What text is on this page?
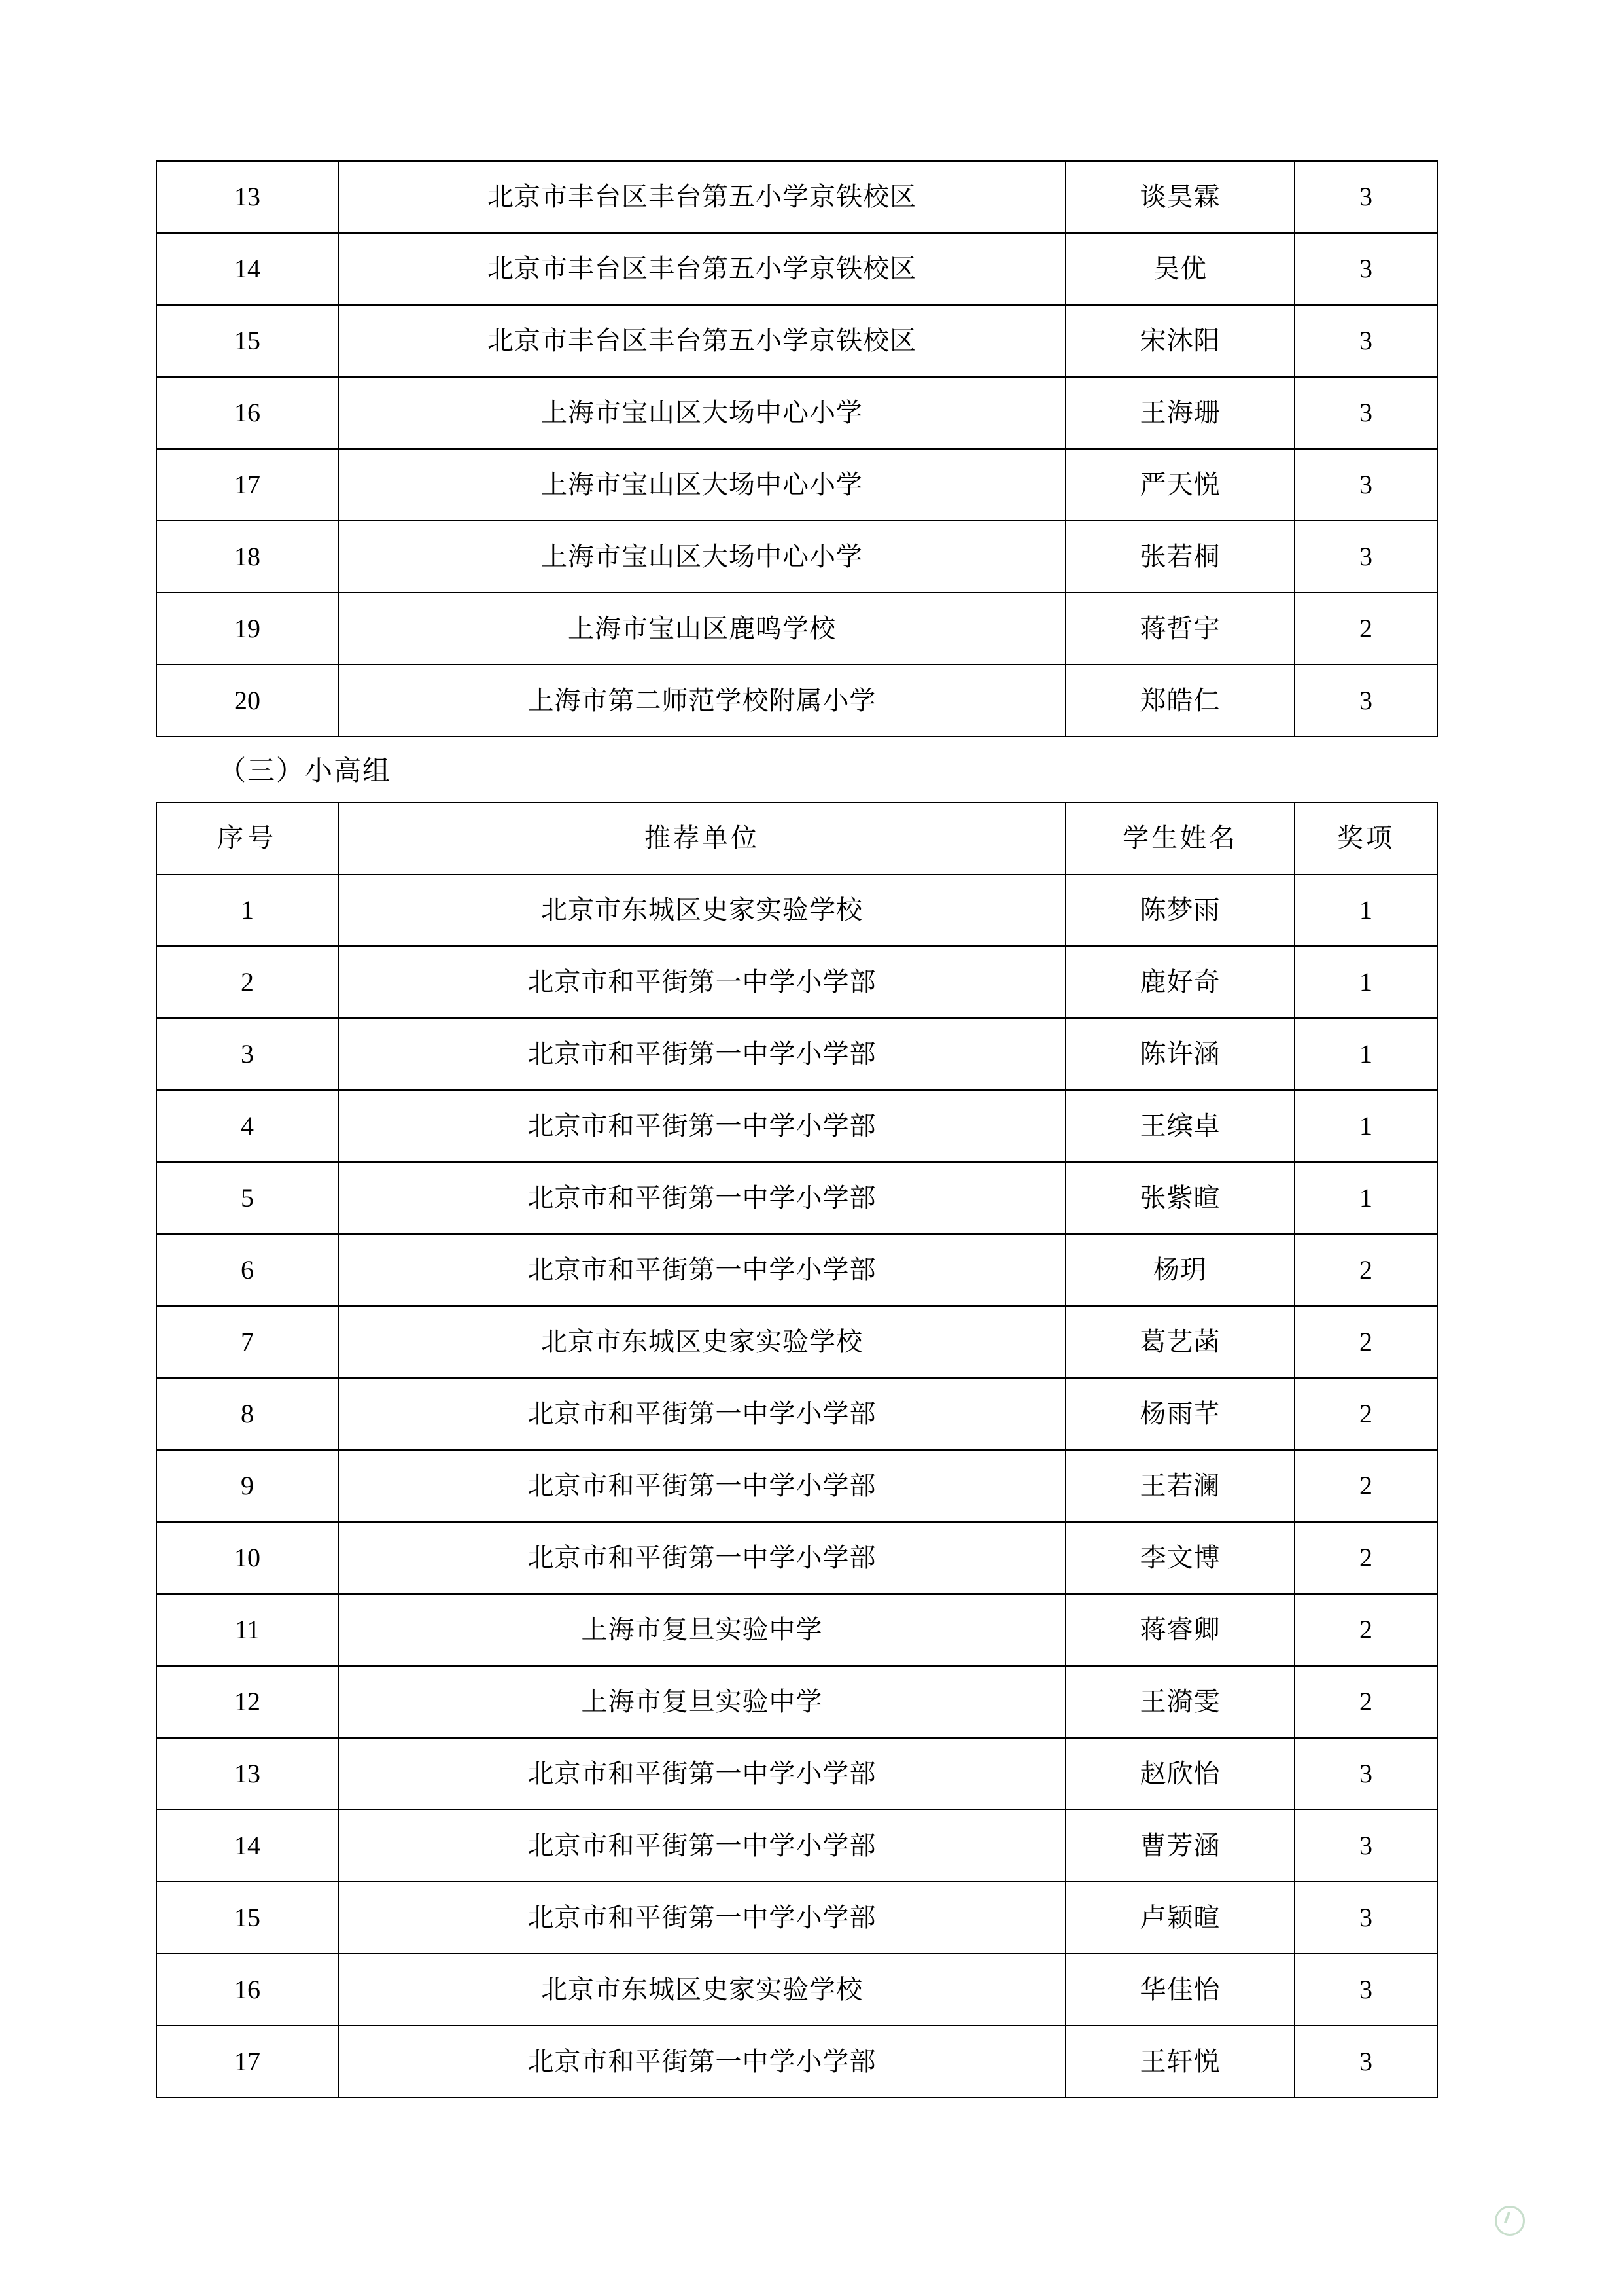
13	北京市丰台区丰台第五小学京铁校区	谈昊霖	3
14	北京市丰台区丰台第五小学京铁校区	吴优	3
15	北京市丰台区丰台第五小学京铁校区	宋沐阳	3
16	上海市宝山区大场中心小学	王海珊	3
17	上海市宝山区大场中心小学	严天悦	3
18	上海市宝山区大场中心小学	张若桐	3
19	上海市宝山区鹿鸣学校	蒋哲宇	2
20	上海市第二师范学校附属小学	郑皓仁	3
（三）小高组
序号	推荐单位	学生姓名	奖项
1	北京市东城区史家实验学校	陈梦雨	1
2	北京市和平街第一中学小学部	鹿好奇	1
3	北京市和平街第一中学小学部	陈许涵	1
4	北京市和平街第一中学小学部	王缤卓	1
5	北京市和平街第一中学小学部	张紫暄	1
6	北京市和平街第一中学小学部	杨玥	2
7	北京市东城区史家实验学校	葛艺菡	2
8	北京市和平街第一中学小学部	杨雨芊	2
9	北京市和平街第一中学小学部	王若澜	2
10	北京市和平街第一中学小学部	李文博	2
11	上海市复旦实验中学	蒋睿卿	2
12	上海市复旦实验中学	王漪雯	2
13	北京市和平街第一中学小学部	赵欣怡	3
14	北京市和平街第一中学小学部	曹芳涵	3
15	北京市和平街第一中学小学部	卢颖暄	3
16	北京市东城区史家实验学校	华佳怡	3
17	北京市和平街第一中学小学部	王轩悦	3
